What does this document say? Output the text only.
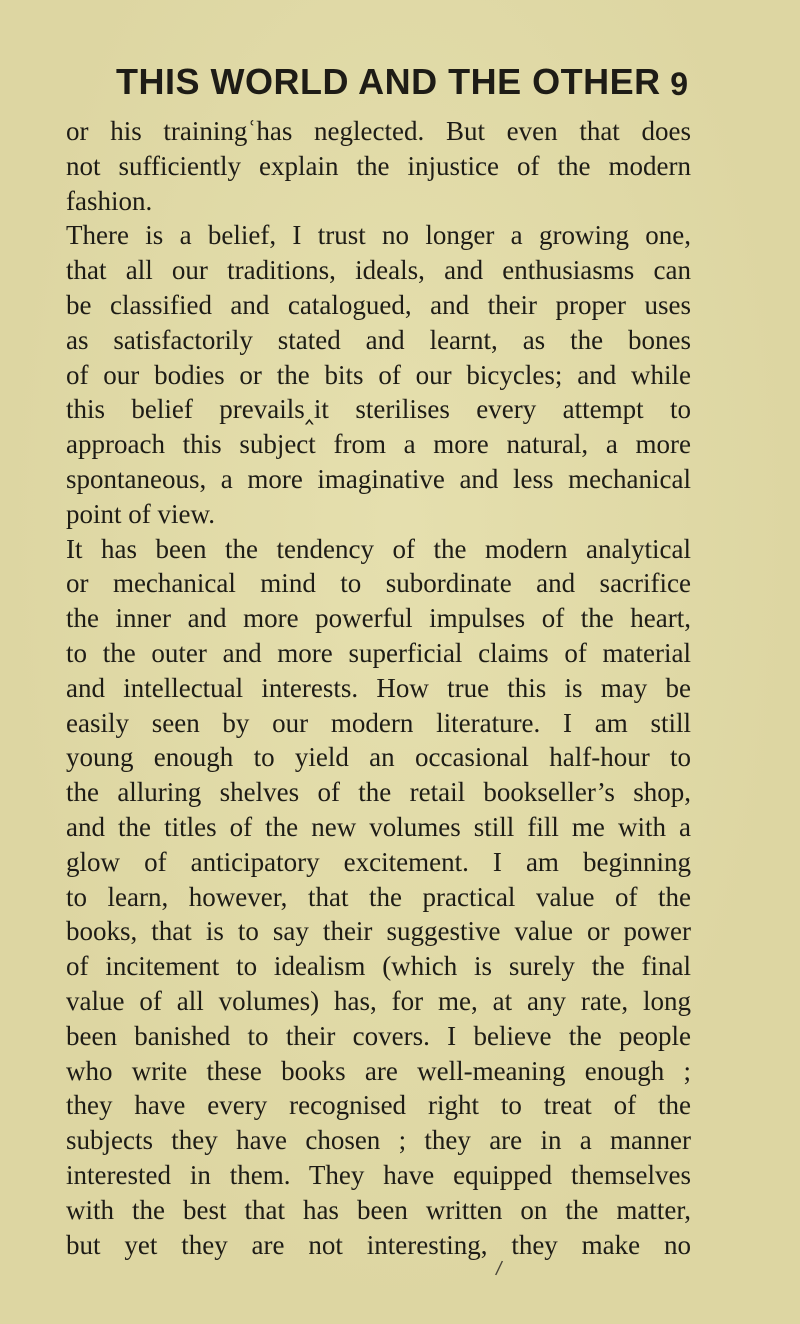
THIS WORLD AND THE OTHER 9
or his trainingʿhas neglected. But even that does
not sufficiently explain the injustice of the modern
fashion.
There is a belief, I trust no longer a growing one,
that all our traditions, ideals, and enthusiasms can
be classified and catalogued, and their proper uses
as satisfactorily stated and learnt, as the bones
of our bodies or the bits of our bicycles; and while
this belief prevails‸it sterilises every attempt to
approach this subject from a more natural, a more
spontaneous, a more imaginative and less mechanical
point of view.
It has been the tendency of the modern analytical
or mechanical mind to subordinate and sacrifice
the inner and more powerful impulses of the heart,
to the outer and more superficial claims of material
and intellectual interests. How true this is may be
easily seen by our modern literature. I am still
young enough to yield an occasional half-hour to
the alluring shelves of the retail bookseller’s shop,
and the titles of the new volumes still fill me with a
glow of anticipatory excitement. I am beginning
to learn, however, that the practical value of the
books, that is to say their suggestive value or power
of incitement to idealism (which is surely the final
value of all volumes) has, for me, at any rate, long
been banished to their covers. I believe the people
who write these books are well-meaning enough ;
they have every recognised right to treat of the
subjects they have chosen ; they are in a manner
interested in them. They have equipped themselves
with the best that has been written on the matter,
but yet they are not interesting, they make no
/
